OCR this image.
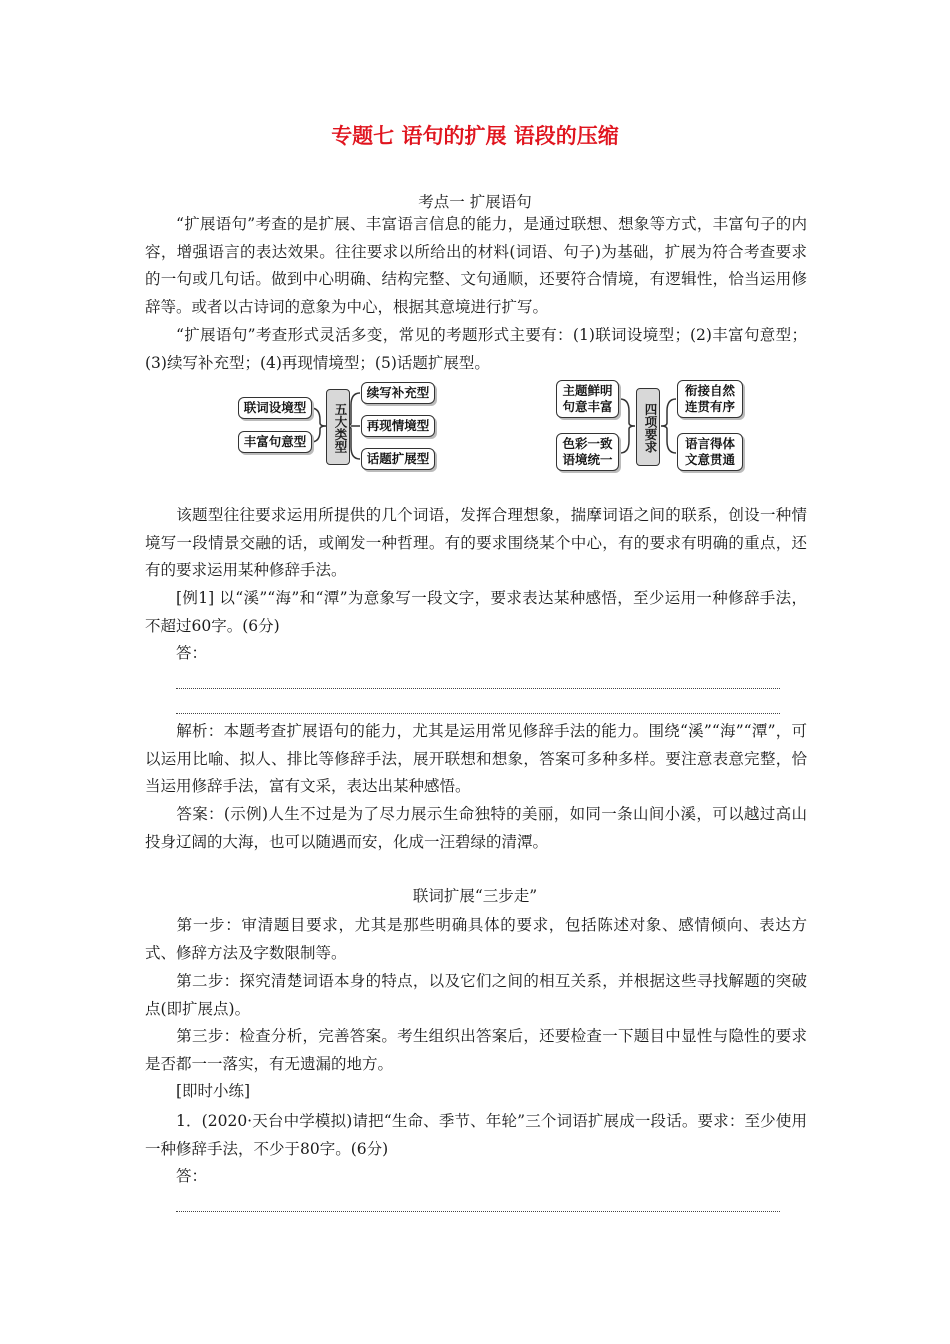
专题七 语句的扩展 语段的压缩
考点一 扩展语句

“扩展语句”考查的是扩展、丰富语言信息的能力，是通过联想、想象等方式，丰富句子的内容，增强语言的表达效果。往往要求以所给出的材料(词语、句子)为基础，扩展为符合考查要求的一句或几句话。做到中心明确、结构完整、文句通顺，还要符合情境，有逻辑性，恰当运用修辞等。或者以古诗词的意象为中心，根据其意境进行扩写。

“扩展语句”考查形式灵活多变，常见的考题形式主要有：(1)联词设境型；(2)丰富句意型；(3)续写补充型；(4)再现情境型；(5)话题扩展型。

联词设境型
丰富句意型	五大类型
续写补充型
再现情境型
话题扩展型
主题鲜明
句意丰富
色彩一致
语境统一
四项要求
衔接自然
连贯有序
语言得体
文意贯通

该题型往往要求运用所提供的几个词语，发挥合理想象，揣摩词语之间的联系，创设一种情境写一段情景交融的话，或阐发一种哲理。有的要求围绕某个中心，有的要求有明确的重点，还有的要求运用某种修辞手法。

[例1] 以“溪”“海”和“潭”为意象写一段文字，要求表达某种感悟，至少运用一种修辞手法，不超过60字。(6分)

答：

解析：本题考查扩展语句的能力，尤其是运用常见修辞手法的能力。围绕“溪”“海”“潭”，可以运用比喻、拟人、排比等修辞手法，展开联想和想象，答案可多种多样。要注意表意完整，恰当运用修辞手法，富有文采，表达出某种感悟。

答案：(示例)人生不过是为了尽力展示生命独特的美丽，如同一条山间小溪，可以越过高山投身辽阔的大海，也可以随遇而安，化成一汪碧绿的清潭。

联词扩展“三步走”

第一步：审清题目要求，尤其是那些明确具体的要求，包括陈述对象、感情倾向、表达方式、修辞方法及字数限制等。

第二步：探究清楚词语本身的特点，以及它们之间的相互关系，并根据这些寻找解题的突破点(即扩展点)。

第三步：检查分析，完善答案。考生组织出答案后，还要检查一下题目中显性与隐性的要求是否都一一落实，有无遗漏的地方。

[即时小练]

1．(2020·天台中学模拟)请把“生命、季节、年轮”三个词语扩展成一段话。要求：至少使用一种修辞手法，不少于80字。(6分)

答：
